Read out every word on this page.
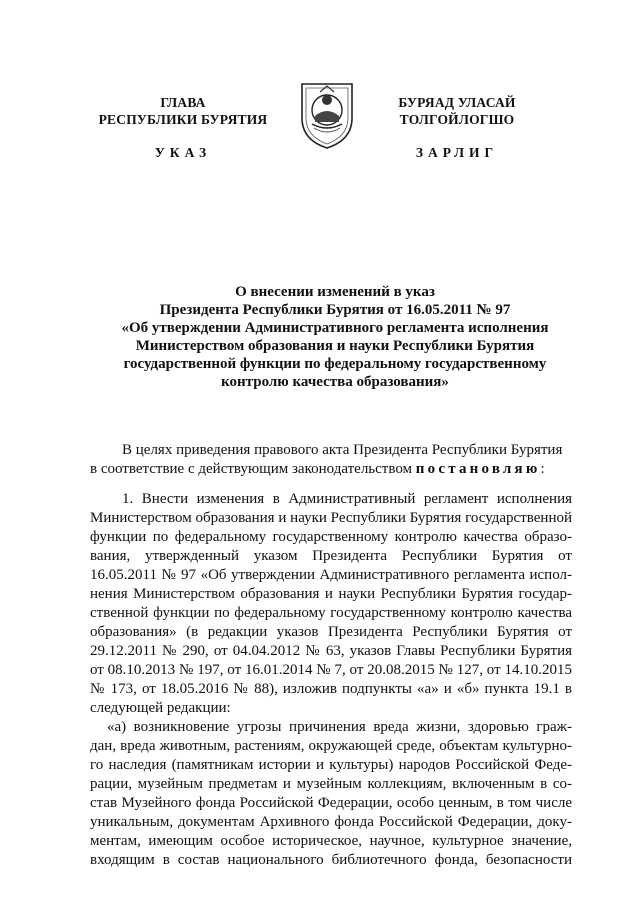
ГЛАВА
РЕСПУБЛИКИ БУРЯТИЯ
УКАЗ
БУРЯАД УЛАСАЙ
ТОЛГОЙЛОГШО
ЗАРЛИГ
О внесении изменений в указ
Президента Республики Бурятия от 16.05.2011 № 97
«Об утверждении Административного регламента исполнения
Министерством образования и науки Республики Бурятия
государственной функции по федеральному государственному
контролю качества образования»
В целях приведения правового акта Президента Республики Бурятия
в соответствие с действующим законодательством постановляю:
1. Внести изменения в Административный регламент исполнения
Министерством образования и науки Республики Бурятия государственной
функции по федеральному государственному контролю качества образо-
вания, утвержденный указом Президента Республики Бурятия от
16.05.2011 № 97 «Об утверждении Административного регламента испол-
нения Министерством образования и науки Республики Бурятия государ-
ственной функции по федеральному государственному контролю качества
образования» (в редакции указов Президента Республики Бурятия от
29.12.2011 № 290, от 04.04.2012 № 63, указов Главы Республики Бурятия
от 08.10.2013 № 197, от 16.01.2014 № 7, от 20.08.2015 № 127, от 14.10.2015
№ 173, от 18.05.2016 № 88), изложив подпункты «а» и «б» пункта 19.1 в
следующей редакции:
«а) возникновение угрозы причинения вреда жизни, здоровью граж-
дан, вреда животным, растениям, окружающей среде, объектам культурно-
го наследия (памятникам истории и культуры) народов Российской Феде-
рации, музейным предметам и музейным коллекциям, включенным в со-
став Музейного фонда Российской Федерации, особо ценным, в том числе
уникальным, документам Архивного фонда Российской Федерации, доку-
ментам, имеющим особое историческое, научное, культурное значение,
входящим в состав национального библиотечного фонда, безопасности
